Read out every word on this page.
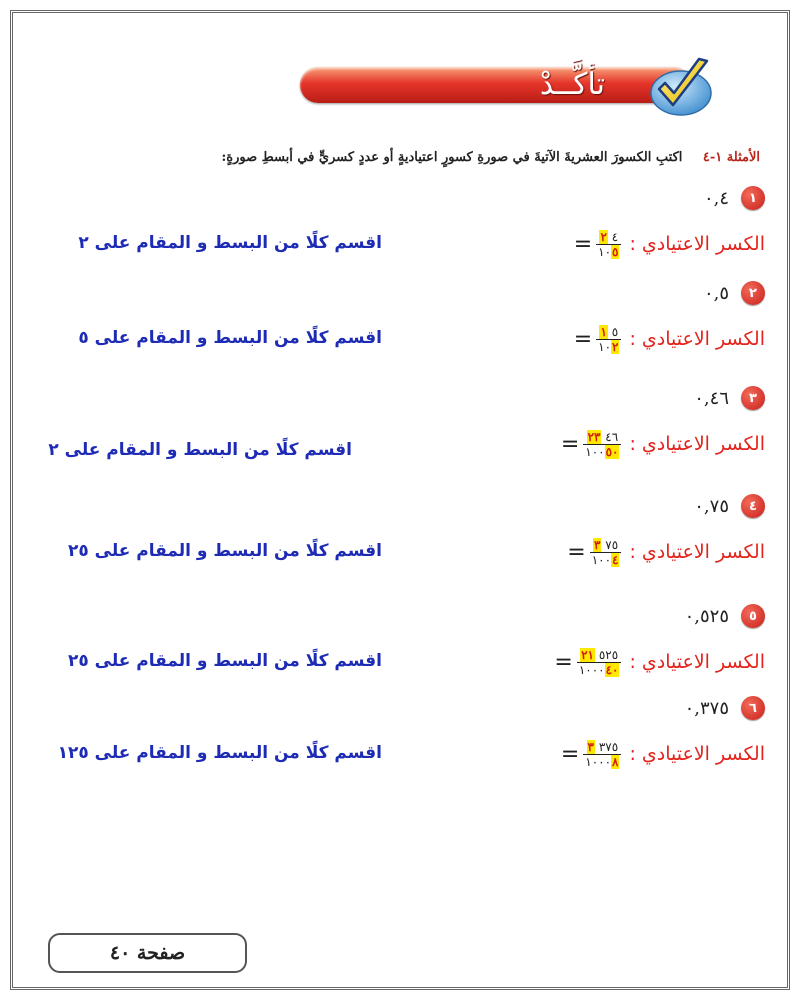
تأكَّــدْ
الأمثلة ١-٤ اكتبِ الكسورَ العشريةَ الآتيةَ في صورةِ كسورٍ اعتياديةٍ أو عددٍ كسريٍّ في أبسطِ صورةٍ:
١
٠,٤
الكسر الاعتيادي :
= $\frac{٤ ٢}{١٠٥}$
اقسم كلًا من البسط و المقام على ٢
٢
٠,٥
الكسر الاعتيادي :
= $\frac{٥ ١}{١٠٢}$
اقسم كلًا من البسط و المقام على ٥
٣
٠,٤٦
الكسر الاعتيادي :
= $\frac{٤٦ ٢٣}{١٠٠٥٠}$
اقسم كلًا من البسط و المقام على ٢
٤
٠,٧٥
الكسر الاعتيادي :
= $\frac{٧٥ ٣}{١٠٠٤}$
اقسم كلًا من البسط و المقام على ٢٥
٥
٠,٥٢٥
الكسر الاعتيادي :
= $\frac{٥٢٥ ٢١}{١٠٠٠٤٠}$
اقسم كلًا من البسط و المقام على ٢٥
٦
٠,٣٧٥
الكسر الاعتيادي :
= $\frac{٣٧٥ ٣}{١٠٠٠٨}$
اقسم كلًا من البسط و المقام على ١٢٥
صفحة ٤٠
